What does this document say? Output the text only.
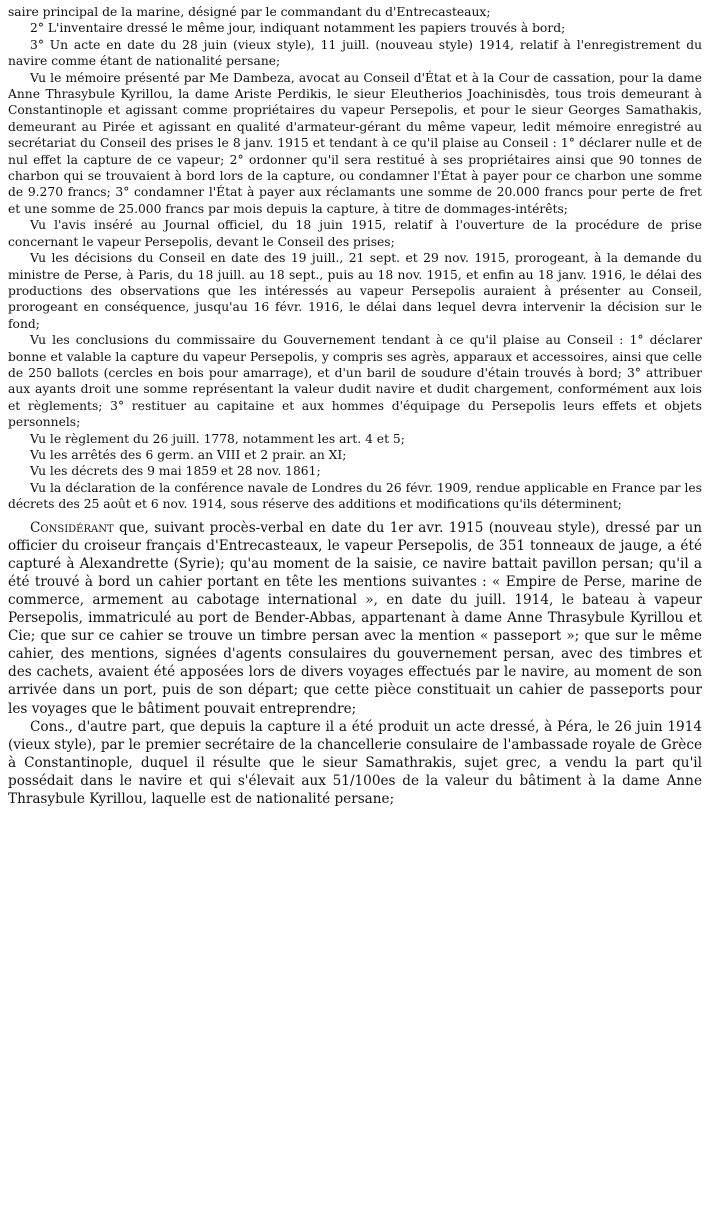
saire principal de la marine, désigné par le commandant du d'Entrecasteaux;

2° L'inventaire dressé le même jour, indiquant notamment les papiers trouvés à bord;

3° Un acte en date du 28 juin (vieux style), 11 juill. (nouveau style) 1914, relatif à l'enregistrement du navire comme étant de nationalité persane;

Vu le mémoire présenté par Me Dambeza, avocat au Conseil d'État et à la Cour de cassation, pour la dame Anne Thrasybule Kyrillou, la dame Ariste Perdikis, le sieur Eleutherios Joachinisdès, tous trois demeurant à Constantinople et agissant comme propriétaires du vapeur Persepolis, et pour le sieur Georges Samathakis, demeurant au Pirée et agissant en qualité d'armateur-gérant du même vapeur, ledit mémoire enregistré au secrétariat du Conseil des prises le 8 janv. 1915 et tendant à ce qu'il plaise au Conseil : 1° déclarer nulle et de nul effet la capture de ce vapeur; 2° ordonner qu'il sera restitué à ses propriétaires ainsi que 90 tonnes de charbon qui se trouvaient à bord lors de la capture, ou condamner l'État à payer pour ce charbon une somme de 9.270 francs; 3° condamner l'État à payer aux réclamants une somme de 20.000 francs pour perte de fret et une somme de 25.000 francs par mois depuis la capture, à titre de dommages-intérêts;

Vu l'avis inséré au Journal officiel, du 18 juin 1915, relatif à l'ouverture de la procédure de prise concernant le vapeur Persepolis, devant le Conseil des prises;

Vu les décisions du Conseil en date des 19 juill., 21 sept. et 29 nov. 1915, prorogeant, à la demande du ministre de Perse, à Paris, du 18 juill. au 18 sept., puis au 18 nov. 1915, et enfin au 18 janv. 1916, le délai des productions des observations que les intéressés au vapeur Persepolis auraient à présenter au Conseil, prorogeant en conséquence, jusqu'au 16 févr. 1916, le délai dans lequel devra intervenir la décision sur le fond;

Vu les conclusions du commissaire du Gouvernement tendant à ce qu'il plaise au Conseil : 1° déclarer bonne et valable la capture du vapeur Persepolis, y compris ses agrès, apparaux et accessoires, ainsi que celle de 250 ballots (cercles en bois pour amarrage), et d'un baril de soudure d'étain trouvés à bord; 3° attribuer aux ayants droit une somme représentant la valeur dudit navire et dudit chargement, conformément aux lois et règlements; 3° restituer au capitaine et aux hommes d'équipage du Persepolis leurs effets et objets personnels;

Vu le règlement du 26 juill. 1778, notamment les art. 4 et 5;

Vu les arrêtés des 6 germ. an VIII et 2 prair. an XI;

Vu les décrets des 9 mai 1859 et 28 nov. 1861;

Vu la déclaration de la conférence navale de Londres du 26 févr. 1909, rendue applicable en France par les décrets des 25 août et 6 nov. 1914, sous réserve des additions et modifications qu'ils déterminent;

Considérant que, suivant procès-verbal en date du 1er avr. 1915 (nouveau style), dressé par un officier du croiseur français d'Entrecasteaux, le vapeur Persepolis, de 351 tonneaux de jauge, a été capturé à Alexandrette (Syrie); qu'au moment de la saisie, ce navire battait pavillon persan; qu'il a été trouvé à bord un cahier portant en tête les mentions suivantes : « Empire de Perse, marine de commerce, armement au cabotage international », en date du juill. 1914, le bateau à vapeur Persepolis, immatriculé au port de Bender-Abbas, appartenant à dame Anne Thrasybule Kyrillou et Cie; que sur ce cahier se trouve un timbre persan avec la mention « passeport »; que sur le même cahier, des mentions, signées d'agents consulaires du gouvernement persan, avec des timbres et des cachets, avaient été apposées lors de divers voyages effectués par le navire, au moment de son arrivée dans un port, puis de son départ; que cette pièce constituait un cahier de passeports pour les voyages que le bâtiment pouvait entreprendre;

Cons., d'autre part, que depuis la capture il a été produit un acte dressé, à Péra, le 26 juin 1914 (vieux style), par le premier secrétaire de la chancellerie consulaire de l'ambassade royale de Grèce à Constantinople, duquel il résulte que le sieur Samathrakis, sujet grec, a vendu la part qu'il possédait dans le navire et qui s'élevait aux 51/100es de la valeur du bâtiment à la dame Anne Thrasybule Kyrillou, laquelle est de nationalité persane;
